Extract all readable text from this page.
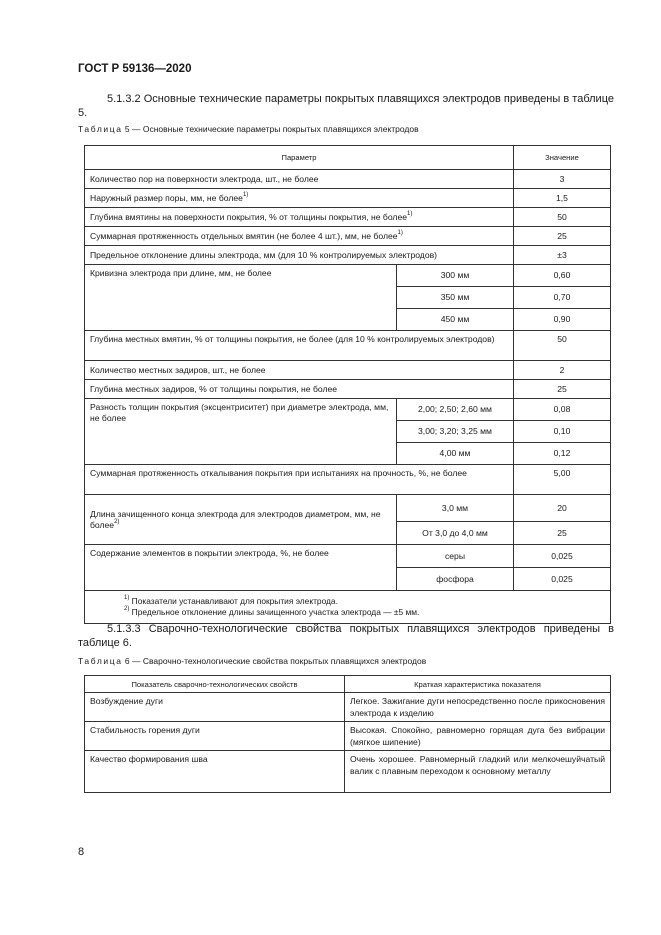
ГОСТ Р 59136—2020
5.1.3.2 Основные технические параметры покрытых плавящихся электродов приведены в таблице 5.
Таблица 5 — Основные технические параметры покрытых плавящихся электродов
Параметр		Значение
Количество пор на поверхности электрода, шт., не более		3
Наружный размер поры, мм, не более$^{1)}$		1,5
Глубина вмятины на поверхности покрытия, % от толщины покрытия, не более$^{1)}$		50
Суммарная протяженность отдельных вмятин (не более 4 шт.), мм, не более$^{1)}$		25
Предельное отклонение длины электрода, мм (для 10 % контролируемых электродов)		±3
Кривизна электрода при длине, мм, не более	300 мм	0,60
	350 мм	0,70
	450 мм	0,90
Глубина местных вмятин, % от толщины покрытия, не более (для 10 % контролируемых электродов)		50
Количество местных задиров, шт., не более		2
Глубина местных задиров, % от толщины покрытия, не более		25
Разность толщин покрытия (эксцентриситет) при диаметре электрода, мм, не более	2,00; 2,50; 2,60 мм	0,08
	3,00; 3,20; 3,25 мм	0,10
	4,00 мм	0,12
Суммарная протяженность откалывания покрытия при испытаниях на прочность, %, не более		5,00
Длина зачищенного конца электрода для электродов диаметром, мм, не более$^{2)}$	3,0 мм	20
	От 3,0 до 4,0 мм	25
Содержание элементов в покрытии электрода, %, не более	серы	0,025
	фосфора	0,025

$^{1)}$ Показатели устанавливают для покрытия электрода.
$^{2)}$ Предельное отклонение длины зачищенного участка электрода — ±5 мм.		
5.1.3.3 Сварочно-технологические свойства покрытых плавящихся электродов приведены в таблице 6.
Таблица 6 — Сварочно-технологические свойства покрытых плавящихся электродов
Показатель сварочно-технологических свойств	Краткая характеристика показателя
Возбуждение дуги	Легкое. Зажигание дуги непосредственно после прикосновения электрода к изделию
Стабильность горения дуги	Высокая. Спокойно, равномерно горящая дуга без вибрации (мягкое шипение)
Качество формирования шва	Очень хорошее. Равномерный гладкий или мелкочешуйчатый валик с плавным переходом к основному металлу
8
